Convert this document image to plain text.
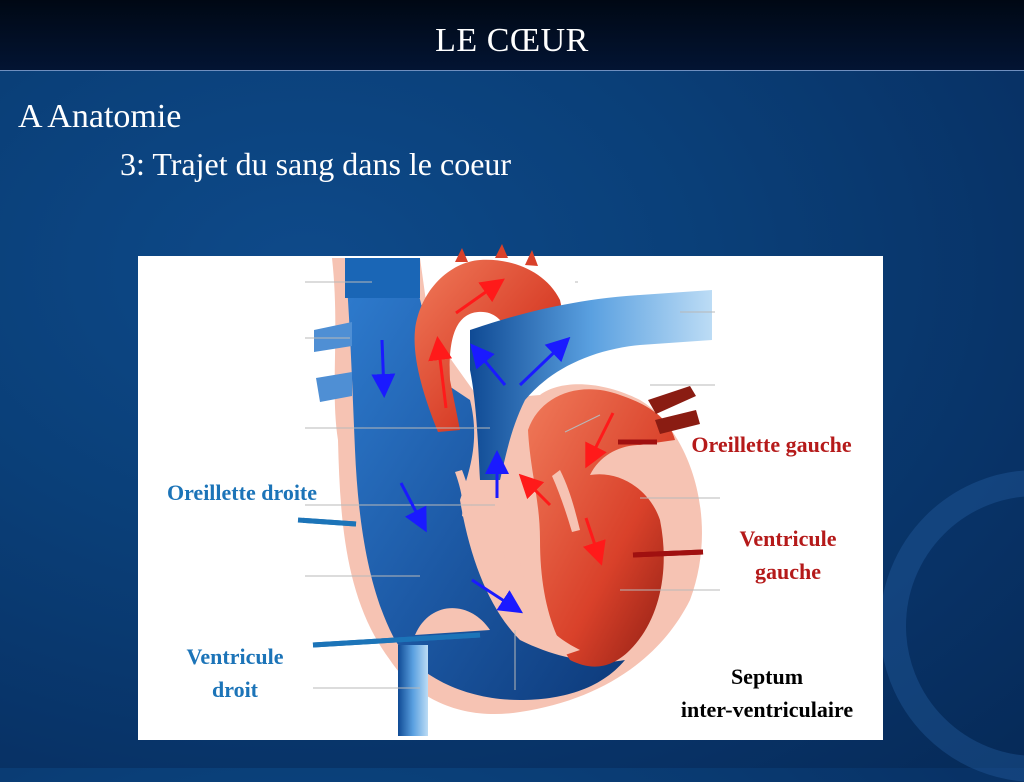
LE CŒUR
A Anatomie
3: Trajet du sang dans le coeur
Oreillette gauche
Ventricule
gauche
Oreillette droite
Ventricule
droit
Septum
inter-ventriculaire
